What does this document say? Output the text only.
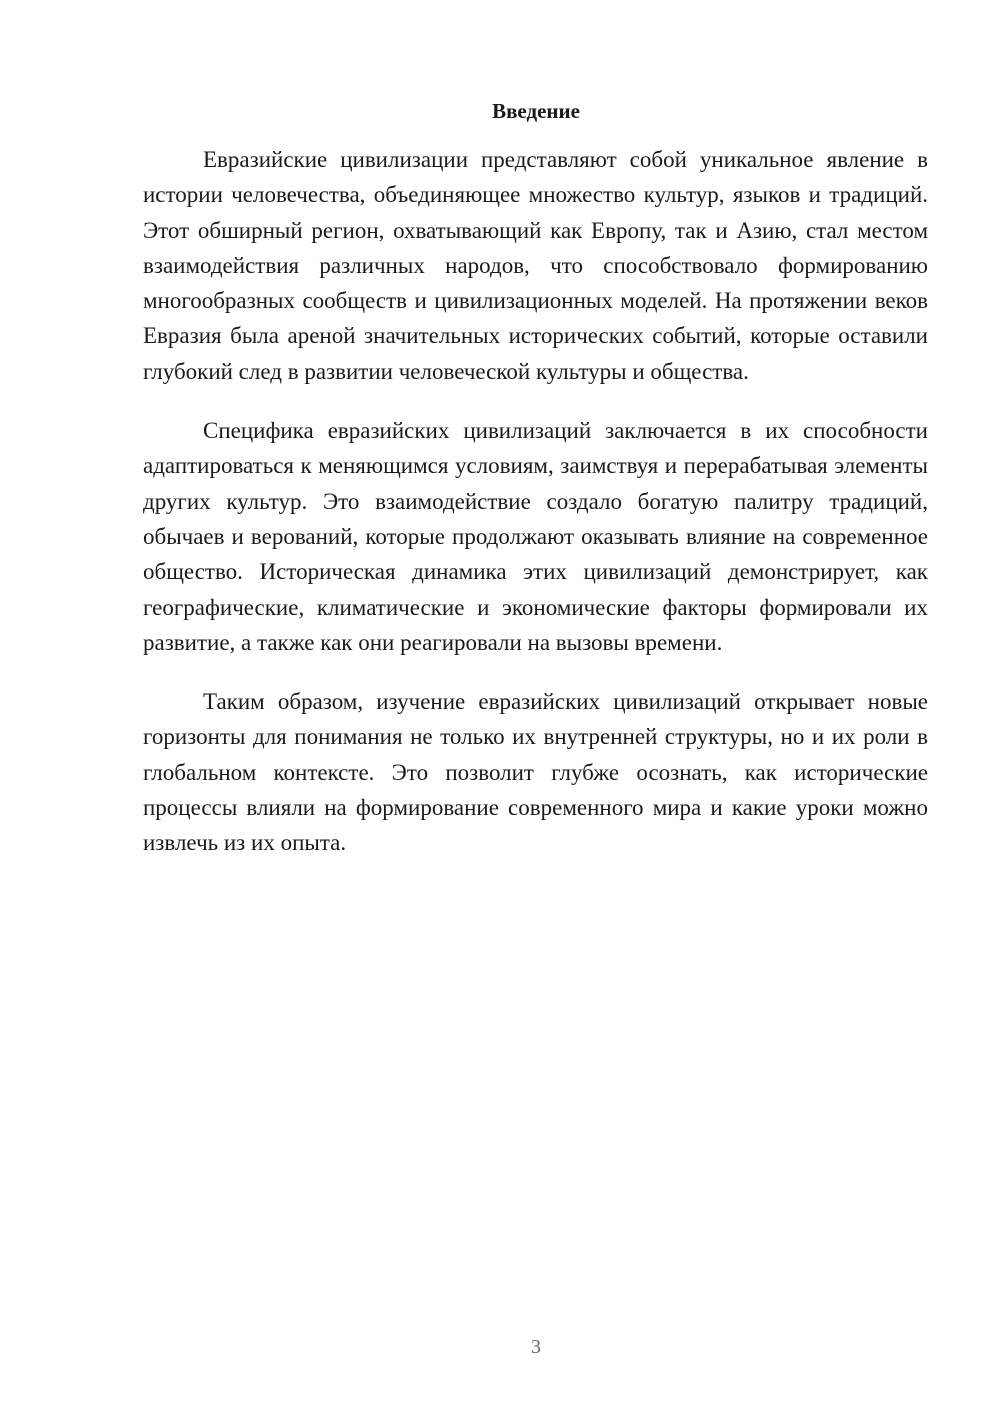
Введение

Евразийские цивилизации представляют собой уникальное явление в истории человечества, объединяющее множество культур, языков и традиций. Этот обширный регион, охватывающий как Европу, так и Азию, стал местом взаимодействия различных народов, что способствовало формированию многообразных сообществ и цивилизационных моделей. На протяжении веков Евразия была ареной значительных исторических событий, которые оставили глубокий след в развитии человеческой культуры и общества.

Специфика евразийских цивилизаций заключается в их способности адаптироваться к меняющимся условиям, заимствуя и перерабатывая элементы других культур. Это взаимодействие создало богатую палитру традиций, обычаев и верований, которые продолжают оказывать влияние на современное общество. Историческая динамика этих цивилизаций демонстрирует, как географические, климатические и экономические факторы формировали их развитие, а также как они реагировали на вызовы времени.

Таким образом, изучение евразийских цивилизаций открывает новые горизонты для понимания не только их внутренней структуры, но и их роли в глобальном контексте. Это позволит глубже осознать, как исторические процессы влияли на формирование современного мира и какие уроки можно извлечь из их опыта.

3
